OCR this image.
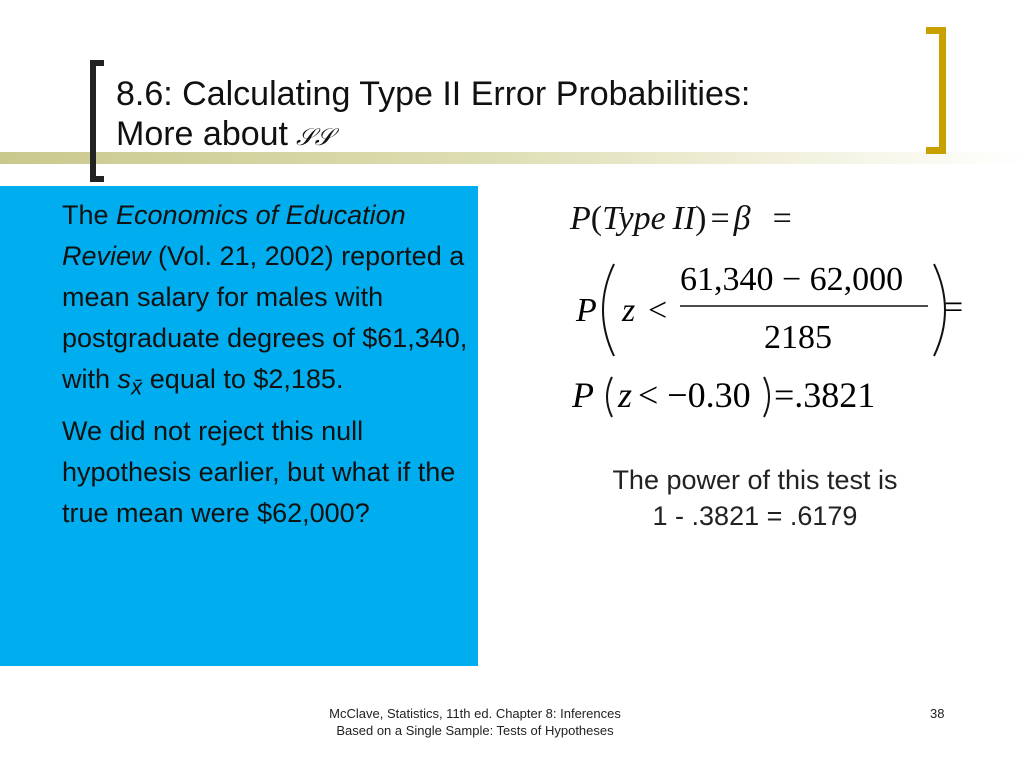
8.6: Calculating Type II Error Probabilities:
More about 𝒮𝒮

The Economics of Education Review (Vol. 21, 2002) reported a mean salary for males with postgraduate degrees of $61,340, with $s_{x̄}$ equal to $2,185.

We did not reject this null hypothesis earlier, but what if the true mean were $62,000?

P(Type  II) = β =
P z <
61,340 − 62,000
2185
=
P z < −0.30 =.3821
The power of this test is
1 - .3821 = .6179
McClave, Statistics, 11th ed. Chapter 8: Inferences
Based on a Single Sample: Tests of Hypotheses
38
